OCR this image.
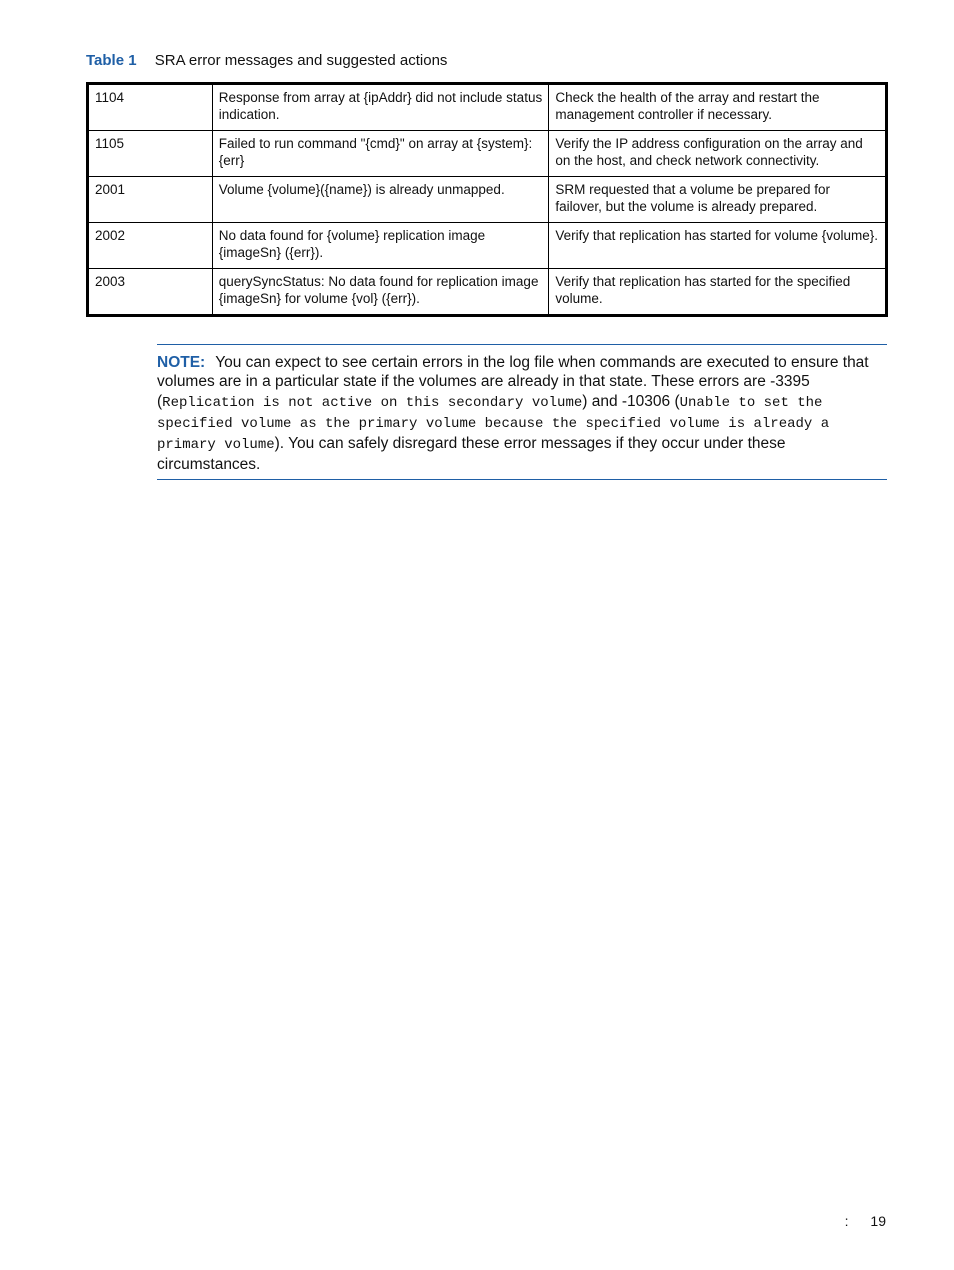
Table 1 SRA error messages and suggested actions
1104	Response from array at {ipAddr} did not include status indication.	Check the health of the array and restart the management controller if necessary.
1105	Failed to run command "{cmd}" on array at {system}: {err}	Verify the IP address configuration on the array and on the host, and check network connectivity.
2001	Volume {volume}({name}) is already unmapped.	SRM requested that a volume be prepared for failover, but the volume is already prepared.
2002	No data found for {volume} replication image {imageSn} ({err}).	Verify that replication has started for volume {volume}.
2003	querySyncStatus: No data found for replication image {imageSn} for volume {vol} ({err}).	Verify that replication has started for the specified volume.
NOTE: You can expect to see certain errors in the log file when commands are executed to ensure that volumes are in a particular state if the volumes are already in that state. These errors are -3395 (Replication is not active on this secondary volume) and -10306 (Unable to set the specified volume as the primary volume because the specified volume is already a primary volume). You can safely disregard these error messages if they occur under these circumstances.
: 19
